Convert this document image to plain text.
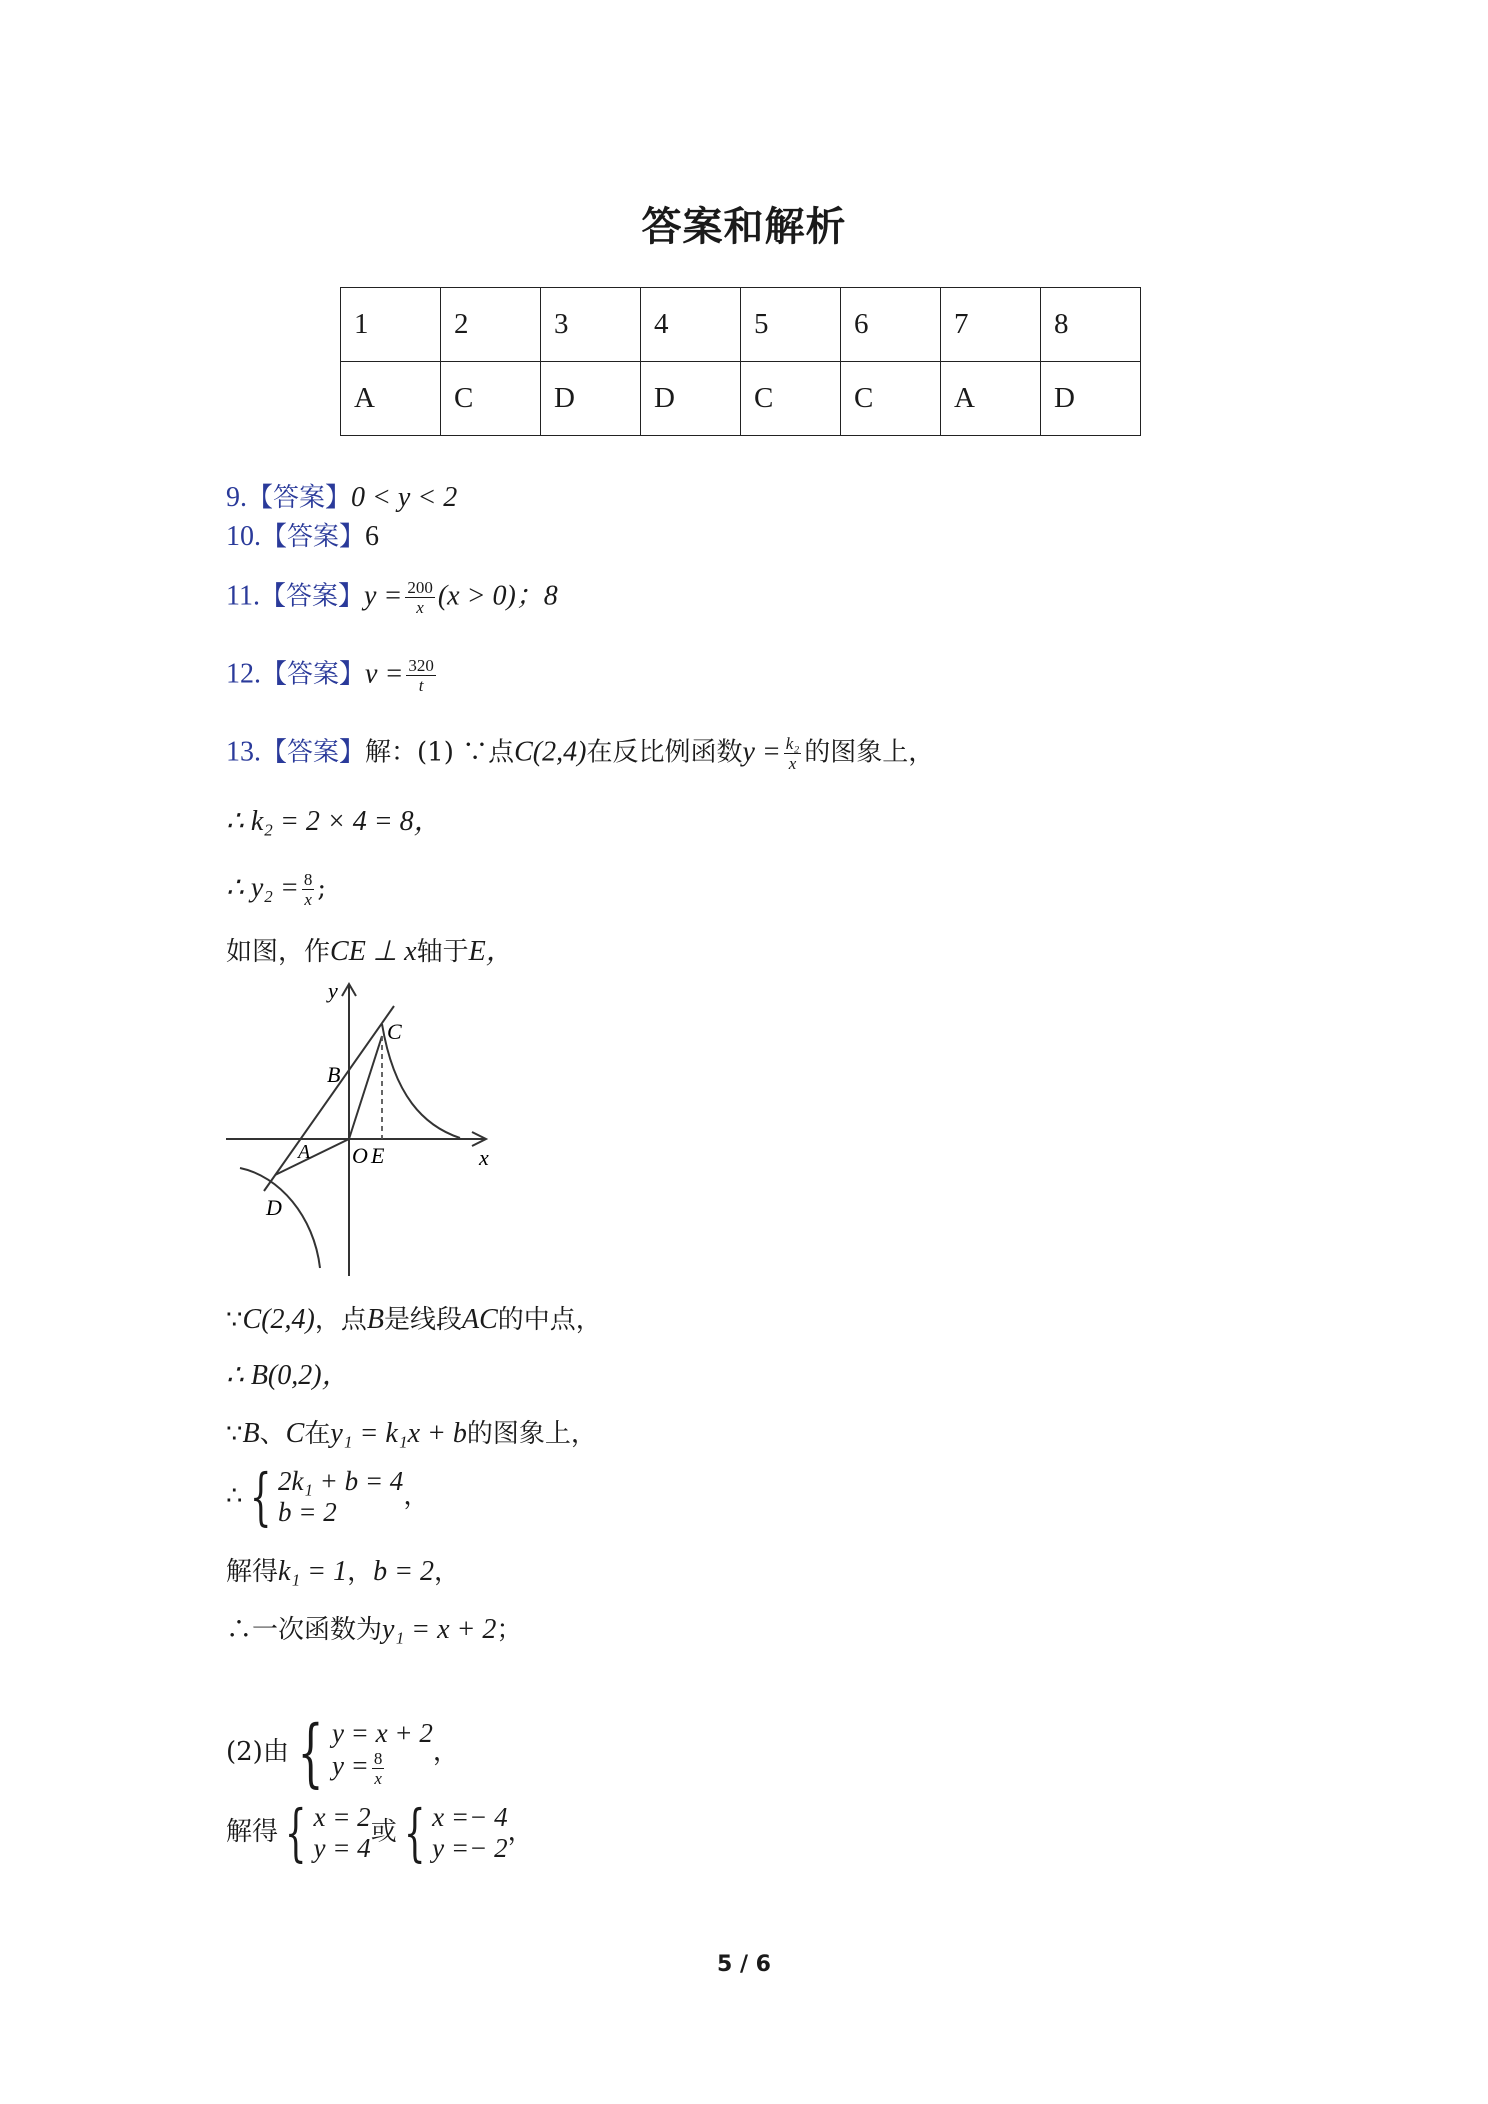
答案和解析
1	2	3	4	5	6	7	8
A	C	D	D	C	C	A	D
9.【答案】0 < y < 2
10.【答案】6
11.【答案】$y = \frac{200}{x} (x > 0)$；8
12.【答案】$v = \frac{320}{t}$
13.【答案】解：(1) ∵点C(2,4)在反比例函数$y = \frac{\text{k₂}}{x}$ 的图象上，
∴ k₂ = 2 × 4 = 8，
∴ $y_2 = \frac{8}{x}$ ;
如图，作CE ⊥ x轴于E，
y
x
C
B
A O E
D
∵C(2,4)，点B是线段AC的中点，
∴ B(0,2)，
∵B、C在y₁ = k₁x + b的图象上，
∴ { 2k₁ + b = 4
b = 2
，
解得k₁ = 1，b = 2，
∴一次函数为y₁ = x + 2；
(2)由 { y = x + 2
$y = \frac{8}{x}$ ，
解得 { x = 2
y = 4
或 { x =− 4
y =− 2
，
5 / 6
